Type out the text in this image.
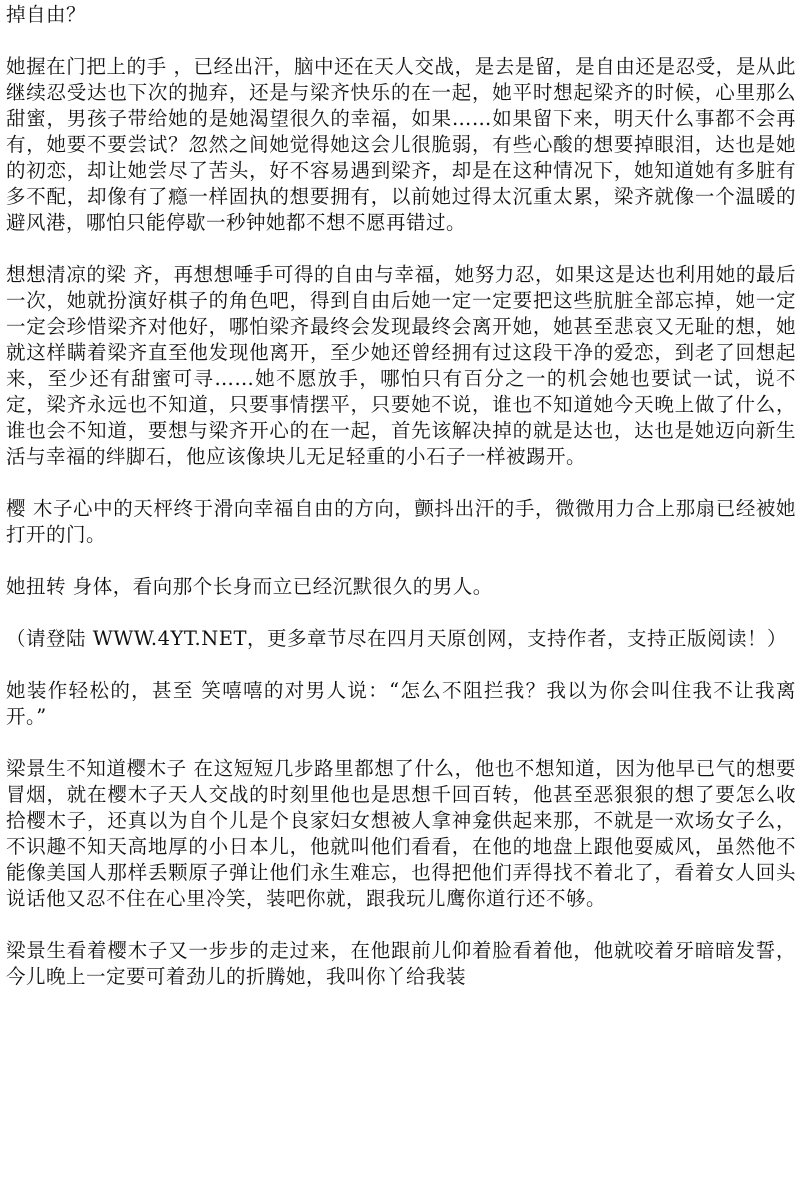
掉自由？

她握在门把上的手 ，已经出汗，脑中还在天人交战，是去是留，是自由还是忍受，是从此继续忍受达也下次的抛弃，还是与梁齐快乐的在一起，她平时想起梁齐的时候，心里那么甜蜜，男孩子带给她的是她渴望很久的幸福，如果……如果留下来，明天什么事都不会再有，她要不要尝试？忽然之间她觉得她这会儿很脆弱，有些心酸的想要掉眼泪，达也是她的初恋，却让她尝尽了苦头，好不容易遇到梁齐，却是在这种情况下，她知道她有多脏有多不配，却像有了瘾一样固执的想要拥有，以前她过得太沉重太累，梁齐就像一个温暖的避风港，哪怕只能停歇一秒钟她都不想不愿再错过。

想想清凉的梁 齐，再想想唾手可得的自由与幸福，她努力忍，如果这是达也利用她的最后一次，她就扮演好棋子的角色吧，得到自由后她一定一定要把这些肮脏全部忘掉，她一定一定会珍惜梁齐对他好，哪怕梁齐最终会发现最终会离开她，她甚至悲哀又无耻的想，她就这样瞒着梁齐直至他发现他离开，至少她还曾经拥有过这段干净的爱恋，到老了回想起来，至少还有甜蜜可寻……她不愿放手，哪怕只有百分之一的机会她也要试一试，说不定，梁齐永远也不知道，只要事情摆平，只要她不说，谁也不知道她今天晚上做了什么，谁也会不知道，要想与梁齐开心的在一起，首先该解决掉的就是达也，达也是她迈向新生活与幸福的绊脚石，他应该像块儿无足轻重的小石子一样被踢开。

樱 木子心中的天枰终于滑向幸福自由的方向，颤抖出汗的手，微微用力合上那扇已经被她打开的门。

她扭转 身体，看向那个长身而立已经沉默很久的男人。

（请登陆 WWW.4YT.NET，更多章节尽在四月天原创网，支持作者，支持正版阅读！）

她装作轻松的，甚至 笑嘻嘻的对男人说：“怎么不阻拦我？我以为你会叫住我不让我离开。”

梁景生不知道樱木子 在这短短几步路里都想了什么，他也不想知道，因为他早已气的想要冒烟，就在樱木子天人交战的时刻里他也是思想千回百转，他甚至恶狠狠的想了要怎么收拾樱木子，还真以为自个儿是个良家妇女想被人拿神龛供起来那，不就是一欢场女子么，不识趣不知天高地厚的小日本儿，他就叫他们看看，在他的地盘上跟他耍威风，虽然他不能像美国人那样丢颗原子弹让他们永生难忘，也得把他们弄得找不着北了，看着女人回头说话他又忍不住在心里冷笑，装吧你就，跟我玩儿鹰你道行还不够。

梁景生看着樱木子又一步步的走过来，在他跟前儿仰着脸看着他，他就咬着牙暗暗发誓，今儿晚上一定要可着劲儿的折腾她，我叫你丫给我装
